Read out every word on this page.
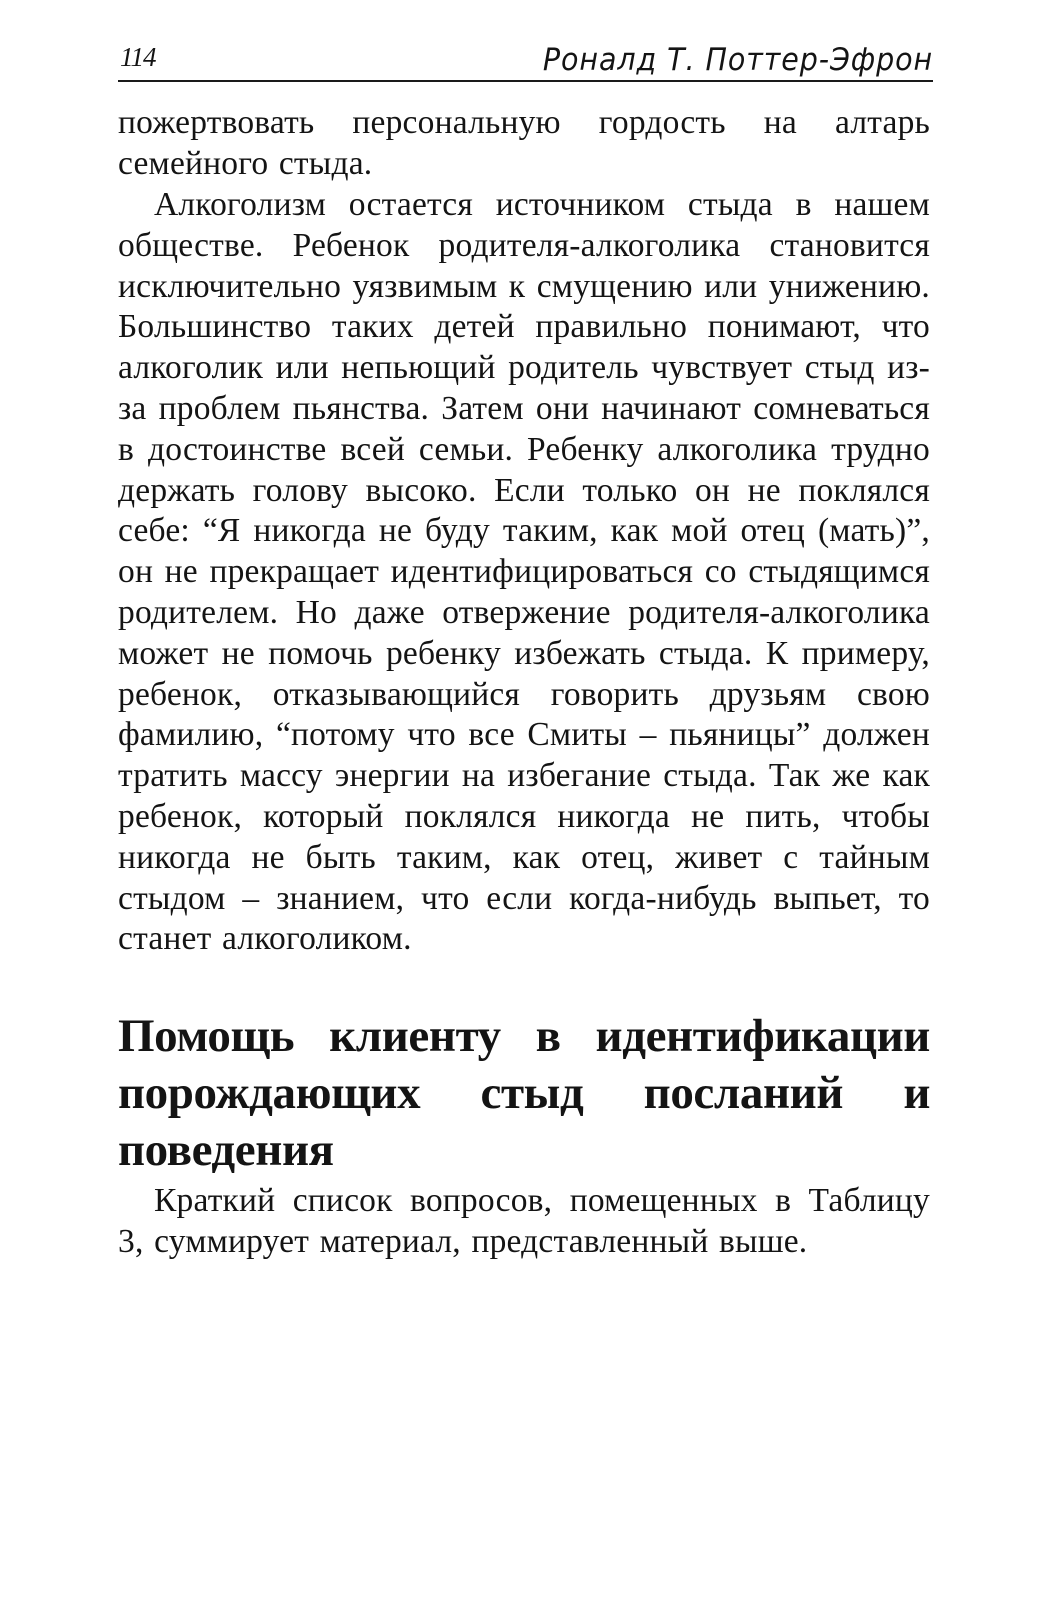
114	Роналд Т. Поттер-Эфрон

пожертвовать персональную гордость на алтарь семейного стыда.

Алкоголизм остается источником стыда в нашем обществе. Ребенок родителя-алкоголика становится исключительно уязвимым к смущению или унижению. Большинство таких детей правильно понимают, что алкоголик или непьющий родитель чувствует стыд из-за проблем пьянства. Затем они начинают сомневаться в достоинстве всей семьи. Ребенку алкоголика трудно держать голову высоко. Если только он не поклялся себе: “Я никогда не буду таким, как мой отец (мать)”, он не прекращает идентифицироваться со стыдящимся родителем. Но даже отвержение родителя-алкоголика может не помочь ребенку избежать стыда. К примеру, ребенок, отказывающийся говорить друзьям свою фамилию, “потому что все Смиты – пьяницы” должен тратить массу энергии на избегание стыда. Так же как ребенок, который поклялся никогда не пить, чтобы никогда не быть таким, как отец, живет с тайным стыдом – знанием, что если когда-нибудь выпьет, то станет алкоголиком.

Помощь клиенту в идентификации порождающих стыд посланий и поведения

Краткий список вопросов, помещенных в Таблицу 3, суммирует материал, представленный выше.
